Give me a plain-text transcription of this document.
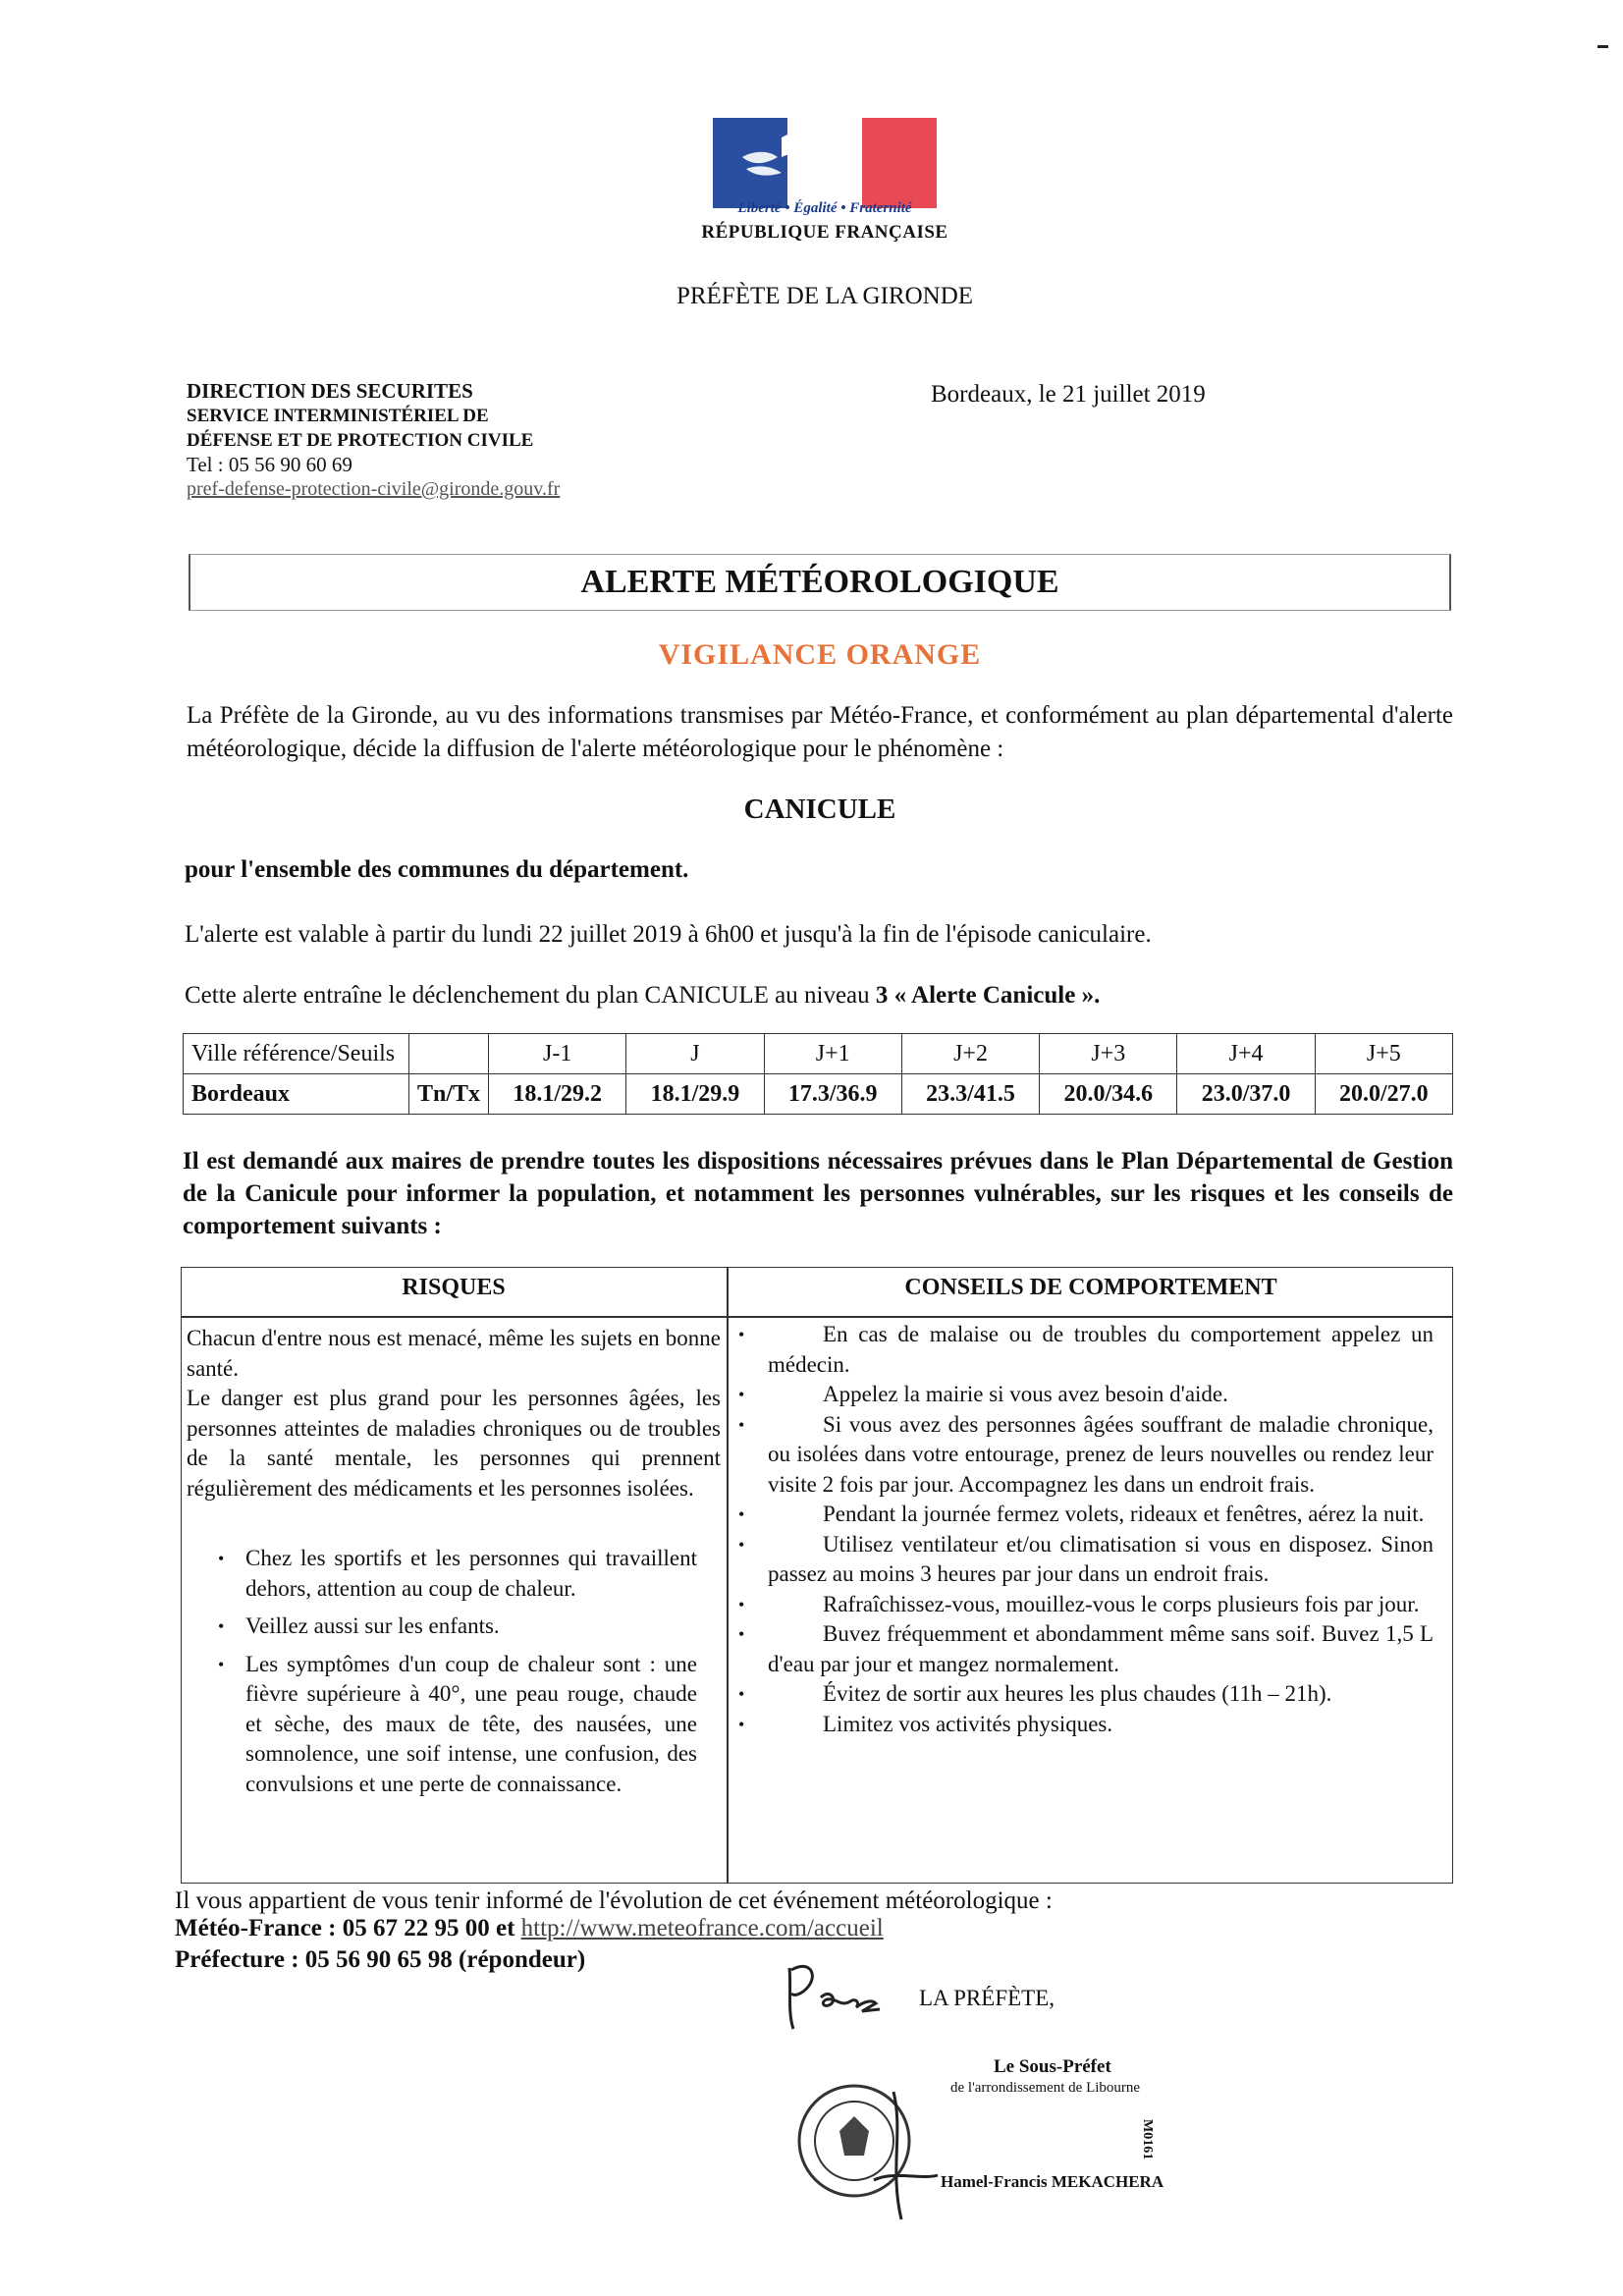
Liberté • Égalité • Fraternité
RÉPUBLIQUE FRANÇAISE
PRÉFÈTE DE LA GIRONDE
DIRECTION DES SECURITES
SERVICE INTERMINISTÉRIEL DE
DÉFENSE ET DE PROTECTION CIVILE
Tel : 05 56 90 60 69
pref-defense-protection-civile@gironde.gouv.fr
Bordeaux, le 21 juillet 2019
ALERTE MÉTÉOROLOGIQUE
VIGILANCE ORANGE
La Préfète de la Gironde, au vu des informations transmises par Météo-France, et conformément au plan départemental d'alerte météorologique, décide la diffusion de l'alerte météorologique pour le phénomène :
CANICULE
pour l'ensemble des communes du département.
L'alerte est valable à partir du lundi 22 juillet 2019 à 6h00 et jusqu'à la fin de l'épisode caniculaire.
Cette alerte entraîne le déclenchement du plan CANICULE au niveau 3 « Alerte Canicule ».
Ville référence/Seuils		J-1	J	J+1	J+2	J+3	J+4	J+5
Bordeaux	Tn/Tx	18.1/29.2	18.1/29.9	17.3/36.9	23.3/41.5	20.0/34.6	23.0/37.0	20.0/27.0
Il est demandé aux maires de prendre toutes les dispositions nécessaires prévues dans le Plan Départemental de Gestion de la Canicule pour informer la population, et notamment les personnes vulnérables, sur les risques et les conseils de comportement suivants :
RISQUES	CONSEILS DE COMPORTEMENT
Chacun d'entre nous est menacé, même les sujets en bonne santé.
Le danger est plus grand pour les personnes âgées, les personnes atteintes de maladies chroniques ou de troubles de la santé mentale, les personnes qui prennent régulièrement des médicaments et les personnes isolées.
• Chez les sportifs et les personnes qui travaillent dehors, attention au coup de chaleur.
• Veillez aussi sur les enfants.
• Les symptômes d'un coup de chaleur sont : une fièvre supérieure à 40°, une peau rouge, chaude et sèche, des maux de tête, des nausées, une somnolence, une soif intense, une confusion, des convulsions et une perte de connaissance.
•	En cas de malaise ou de troubles du comportement appelez un médecin.
•	Appelez la mairie si vous avez besoin d'aide.
•	Si vous avez des personnes âgées souffrant de maladie chronique, ou isolées dans votre entourage, prenez de leurs nouvelles ou rendez leur visite 2 fois par jour. Accompagnez les dans un endroit frais.
•	Pendant la journée fermez volets, rideaux et fenêtres, aérez la nuit.
•	Utilisez ventilateur et/ou climatisation si vous en disposez. Sinon passez au moins 3 heures par jour dans un endroit frais.
•	Rafraîchissez-vous, mouillez-vous le corps plusieurs fois par jour.
•	Buvez fréquemment et abondamment même sans soif. Buvez 1,5 L d'eau par jour et mangez normalement.
•	Évitez de sortir aux heures les plus chaudes (11h – 21h).
•	Limitez vos activités physiques.
Il vous appartient de vous tenir informé de l'évolution de cet événement météorologique :
Météo-France : 05 67 22 95 00 et http://www.meteofrance.com/accueil
Préfecture : 05 56 90 65 98 (répondeur)
LA PRÉFÈTE,
Le Sous-Préfet
de l'arrondissement de Libourne
M0161
Hamel-Francis MEKACHERA
